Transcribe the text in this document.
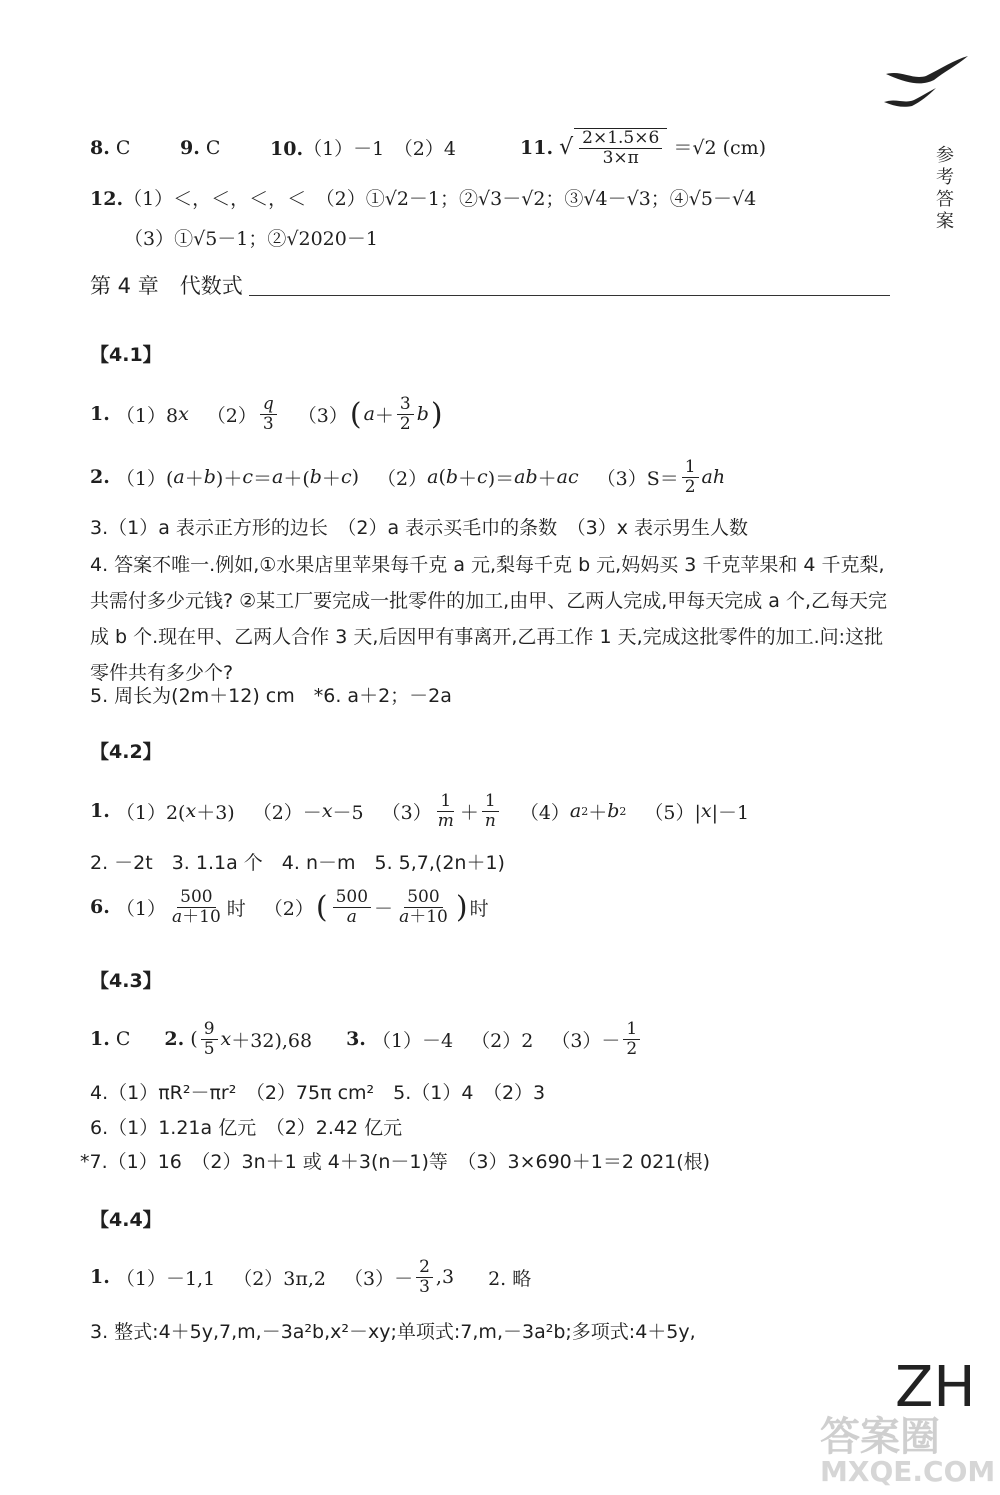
参考答案
8. C	9. C	10.（1）－1　（2）4	11. √ $\frac{2\times 1.5\times 6}{3\times\pi} =√2$ (cm)
12.（1）＜，＜，＜，＜　（2）①√2－1；②√3－√2；③√4－√3；④√5－√4
（3）①√5－1；②√2020－1
第 4 章　代数式
【4.1】
1. （1）8 x $(2) \frac{q}{3} (3)$ ( $a + \frac{3}{2}$ b )
2. （1）( a ＋ b )＋ c ＝ a ＋( b ＋ c ) （2） a ( b ＋ c )＝ ab ＋ ac $(3)S= \frac{1}{2}$ ah
3.（1）a 表示正方形的边长　（2）a 表示买毛巾的条数　（3）x 表示男生人数
4. 答案不唯一.例如,①水果店里苹果每千克 a 元,梨每千克 b 元,妈妈买 3 千克苹果和 4 千克梨,共需付多少元钱? ②某工厂要完成一批零件的加工,由甲、乙两人完成,甲每天完成 a 个,乙每天完成 b 个.现在甲、乙两人合作 3 天,后因甲有事离开,乙再工作 1 天,完成这批零件的加工.问:这批零件共有多少个?
5. 周长为(2m＋12) cm　*6. a＋2；－2a
【4.2】
1. （1）2( x ＋3) （2）－ x －5 $(3) \frac{1}{m} + \frac{1}{n} (4)$ a 2 ＋ b 2 （5）| x |－1
2. －2t　3. 1.1a 个　4. n－m　5. 5,7,(2n＋1)
6. $(1) \frac{500}{a+10}$ 时 （2） ( $\frac{500}{a} - \frac{500}{a+10}$ ) 时
【4.3】
1. C 2. ( $\frac{9}{5}$ x ＋32),68 3. （1）－4 （2）2 $(3)- \frac{1}{2}$
4.（1）πR²－πr²　（2）75π cm²　5.（1）4　（2）3
6.（1）1.21a 亿元　（2）2.42 亿元
*7.（1）16　（2）3n＋1 或 4＋3(n－1)等　（3）3×690＋1＝2 021(根)
【4.4】
1. （1）－1,1 （2）3π,2 $(3)- \frac{2}{3} ,3$ 2. 略
3. 整式:4＋5y,7,m,－3a²b,x²－xy;单项式:7,m,－3a²b;多项式:4＋5y,
ZH
答案圈
MXQE.COM
